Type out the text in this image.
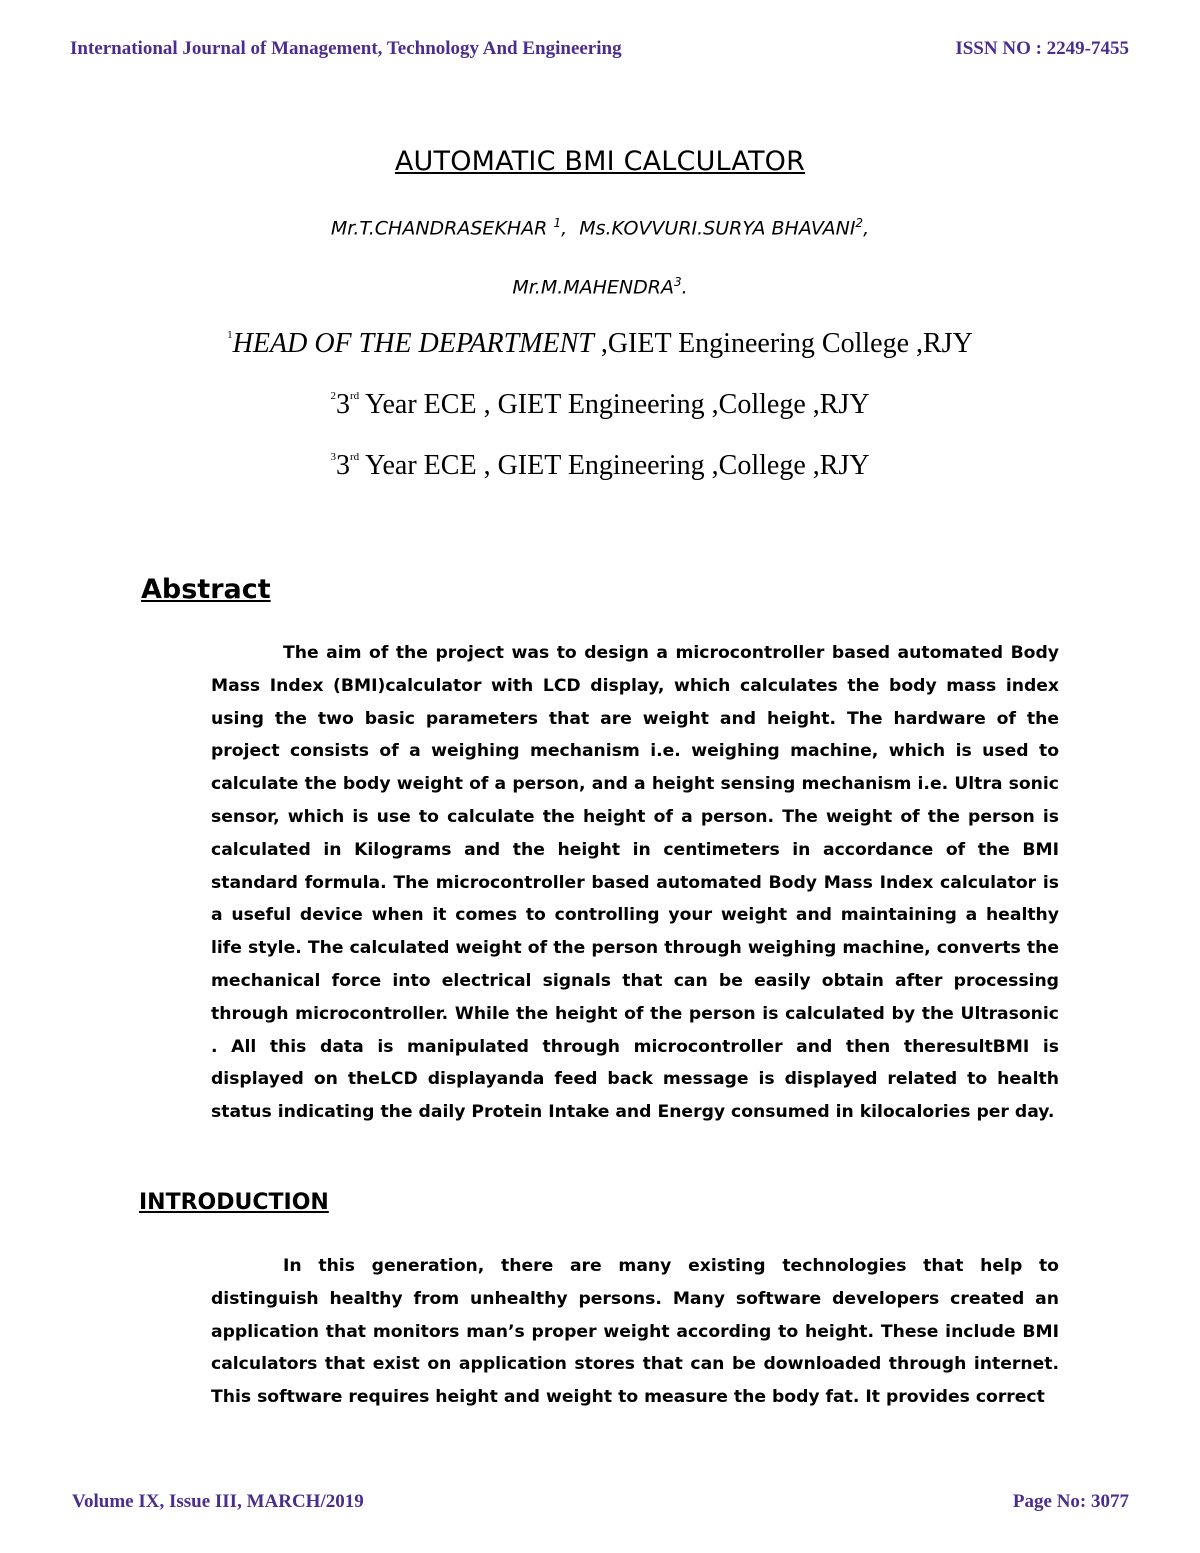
International Journal of Management, Technology And Engineering	ISSN NO : 2249-7455
AUTOMATIC BMI CALCULATOR
Mr.T.CHANDRASEKHAR $^1$,  Ms.KOVVURI.SURYA BHAVANI$^2$,
Mr.M.MAHENDRA$^3$.
$^1$HEAD OF THE DEPARTMENT ,GIET Engineering College ,RJY
$^2$3rd Year ECE , GIET Engineering ,College ,RJY
$^3$3rd Year ECE , GIET Engineering ,College ,RJY
Abstract

The aim of the project was to design a microcontroller based automated Body Mass Index (BMI)calculator with LCD display, which calculates the body mass index using the two basic parameters that are weight and height. The hardware of the project consists of a weighing mechanism i.e. weighing machine, which is used to calculate the body weight of a person, and a height sensing mechanism i.e. Ultra sonic sensor, which is use to calculate the height of a person. The weight of the person is calculated in Kilograms and the height in centimeters in accordance of the BMI standard formula. The microcontroller based automated Body Mass Index calculator is a useful device when it comes to controlling your weight and maintaining a healthy life style. The calculated weight of the person through weighing machine, converts the mechanical force into electrical signals that can be easily obtain after processing through microcontroller. While the height of the person is calculated by the Ultrasonic . All this data is manipulated through microcontroller and then theresultBMI is displayed on theLCD displayanda feed back message is displayed related to health status indicating the daily Protein Intake and Energy consumed in kilocalories per day.

INTRODUCTION

In this generation, there are many existing technologies that help to distinguish healthy from unhealthy persons. Many software developers created an application that monitors man’s proper weight according to height. These include BMI calculators that exist on application stores that can be downloaded through internet. This software requires height and weight to measure the body fat. It provides correct

Volume IX, Issue III, MARCH/2019	Page No: 3077
